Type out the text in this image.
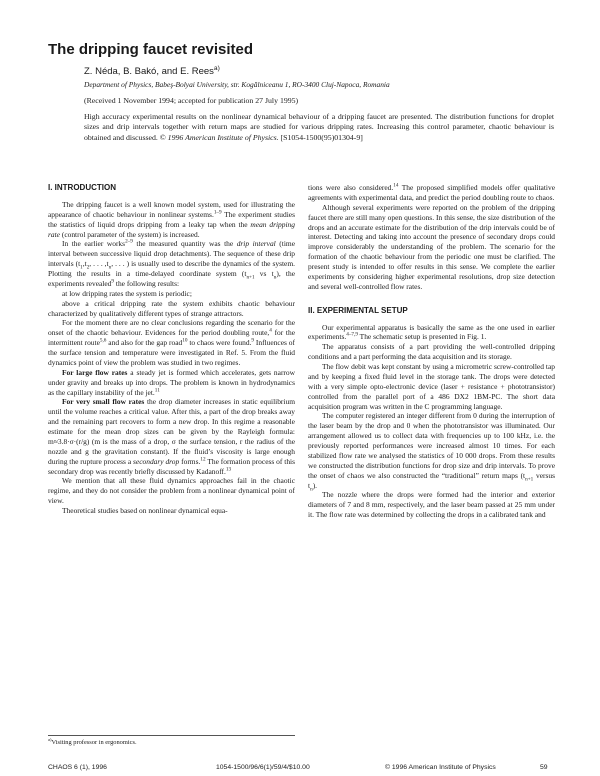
The dripping faucet revisited
Z. Néda, B. Bakó, and E. Rees$^{a)}$
Department of Physics, Babeş-Bolyai University, str. Kogălniceanu 1, RO-3400 Cluj-Napoca, Romania
(Received 1 November 1994; accepted for publication 27 July 1995)

High accuracy experimental results on the nonlinear dynamical behaviour of a dripping faucet are presented. The distribution functions for droplet sizes and drip intervals together with return maps are studied for various dripping rates. Increasing this control parameter, chaotic behaviour is obtained and discussed. © 1996 American Institute of Physics. [S1054-1500(95)01304-9]

I. INTRODUCTION

The dripping faucet is a well known model system, used for illustrating the appearance of chaotic behaviour in nonlinear systems.$^{1-9}$ The experiment studies the statistics of liquid drops dripping from a leaky tap when the mean dripping rate (control parameter of the system) is increased.

In the earlier works$^{2-9}$ the measured quantity was the drip interval (time interval between successive liquid drop detachments). The sequence of these drip intervals ($t_1,t_2$, . . . $,t_n$, . . . ) is usually used to describe the dynamics of the system. Plotting the results in a time-delayed coordinate system ($t_{n+1}$ vs $t_n$), the experiments revealed$^9$ the following results:

at low dripping rates the system is periodic;

above a critical dripping rate the system exhibits chaotic behaviour characterized by qualitatively different types of strange attractors.

For the moment there are no clear conclusions regarding the scenario for the onset of the chaotic behaviour. Evidences for the period doubling route,$^4$ for the intermittent route$^{5,6}$ and also for the gap road$^{10}$ to chaos were found.$^9$ Influences of the surface tension and temperature were investigated in Ref. 5. From the fluid dynamics point of view the problem was studied in two regimes.

For large flow rates a steady jet is formed which accelerates, gets narrow under gravity and breaks up into drops. The problem is known in hydrodynamics as the capillary instability of the jet.$^{11}$

For very small flow rates the drop diameter increases in static equilibrium until the volume reaches a critical value. After this, a part of the drop breaks away and the remaining part recovers to form a new drop. In this regime a reasonable estimate for the mean drop sizes can be given by the Rayleigh formula: m≈3.8·σ·(r/g) (m is the mass of a drop, σ the surface tension, r the radius of the nozzle and g the gravitation constant). If the fluid’s viscosity is large enough during the rupture process a secondary drop forms.$^{12}$ The formation process of this secondary drop was recently briefly discussed by Kadanoff.$^{13}$

We mention that all these fluid dynamics approaches fail in the chaotic regime, and they do not consider the problem from a nonlinear dynamical point of view.

Theoretical studies based on nonlinear dynamical equa-

tions were also considered.$^{14}$ The proposed simplified models offer qualitative agreements with experimental data, and predict the period doubling route to chaos.

Although several experiments were reported on the problem of the dripping faucet there are still many open questions. In this sense, the size distribution of the drops and an accurate estimate for the distribution of the drip intervals could be of interest. Detecting and taking into account the presence of secondary drops could improve considerably the understanding of the problem. The scenario for the formation of the chaotic behaviour from the periodic one must be clarified. The present study is intended to offer results in this sense. We complete the earlier experiments by considering higher experimental resolutions, drop size detection and several well-controlled flow rates.

II. EXPERIMENTAL SETUP

Our experimental apparatus is basically the same as the one used in earlier experiments.$^{4-7,9}$ The schematic setup is presented in Fig. 1.

The apparatus consists of a part providing the well-controlled dripping conditions and a part performing the data acquisition and its storage.

The flow debit was kept constant by using a micrometric screw-controlled tap and by keeping a fixed fluid level in the storage tank. The drops were detected with a very simple opto-electronic device (laser + resistance + phototransistor) controlled from the parallel port of a 486 DX2 1BM-PC. The short data acquisition program was written in the C programming language.

The computer registered an integer different from 0 during the interruption of the laser beam by the drop and 0 when the phototransistor was illuminated. Our arrangement allowed us to collect data with frequencies up to 100 kHz, i.e. the previously reported performances were increased almost 10 times. For each stabilized flow rate we analysed the statistics of 10 000 drops. From these results we constructed the distribution functions for drop size and drip intervals. To prove the onset of chaos we also constructed the “traditional” return maps ($t_{n+1}$ versus $t_n$).

The nozzle where the drops were formed had the interior and exterior diameters of 7 and 8 mm, respectively, and the laser beam passed at 25 mm under it. The flow rate was determined by collecting the drops in a calibrated tank and

$^{a)}$Visiting professor in ergonomics.
CHAOS 6 (1), 1996	1054-1500/96/6(1)/59/4/$10.00	© 1996 American Institute of Physics	59
